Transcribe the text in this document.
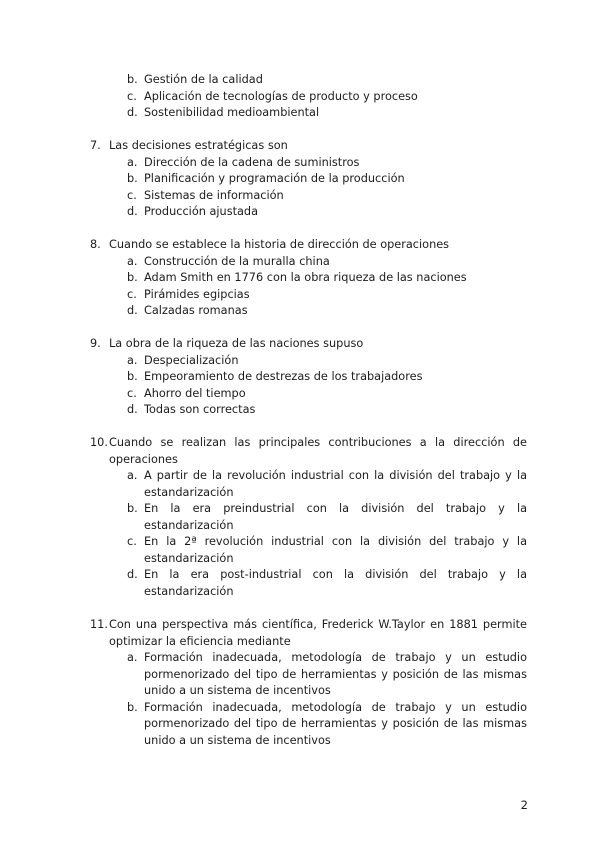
b. Gestión de la calidad
c. Aplicación de tecnologías de producto y proceso
d. Sostenibilidad medioambiental
7. Las decisiones estratégicas son
a. Dirección de la cadena de suministros
b. Planificación y programación de la producción
c. Sistemas de información
d. Producción ajustada
8. Cuando se establece la historia de dirección de operaciones
a. Construcción de la muralla china
b. Adam Smith en 1776 con la obra riqueza de las naciones
c. Pirámides egipcias
d. Calzadas romanas
9. La obra de la riqueza de las naciones supuso
a. Despecialización
b. Empeoramiento de destrezas de los trabajadores
c. Ahorro del tiempo
d. Todas son correctas
10. Cuando se realizan las principales contribuciones a la dirección de operaciones
a. A partir de la revolución industrial con la división del trabajo y la estandarización
b. En la era preindustrial con la división del trabajo y la estandarización
c. En la 2ª revolución industrial con la división del trabajo y la estandarización
d. En la era post-industrial con la división del trabajo y la estandarización
11. Con una perspectiva más científica, Frederick W.Taylor en 1881 permite optimizar la eficiencia mediante
a. Formación inadecuada, metodología de trabajo y un estudio pormenorizado del tipo de herramientas y posición de las mismas unido a un sistema de incentivos
b. Formación inadecuada, metodología de trabajo y un estudio pormenorizado del tipo de herramientas y posición de las mismas unido a un sistema de incentivos
2
